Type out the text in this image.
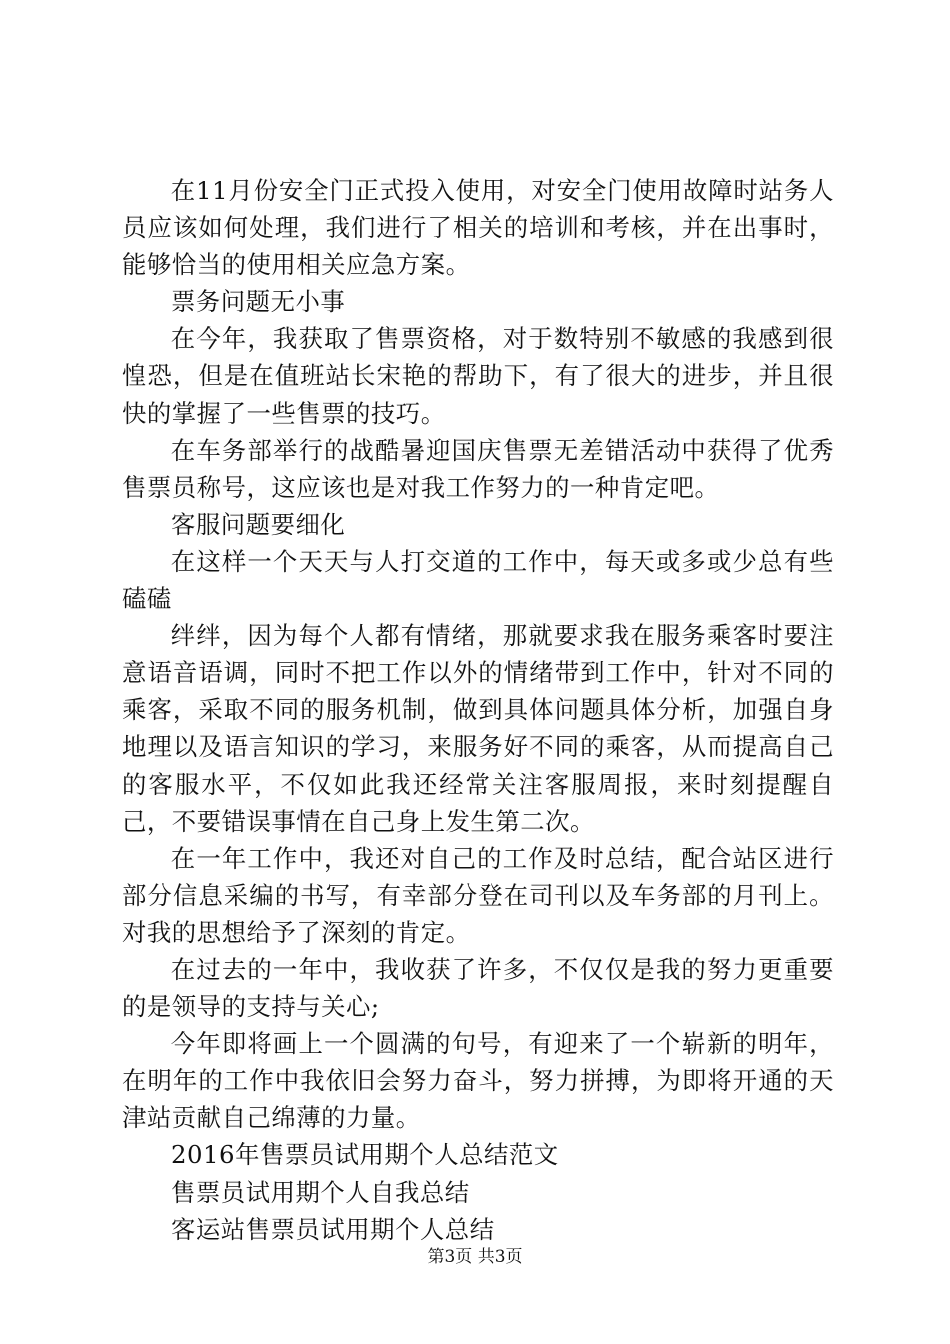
在11月份安全门正式投入使用，对安全门使用故障时站务人员应该如何处理，我们进行了相关的培训和考核，并在出事时，能够恰当的使用相关应急方案。

票务问题无小事

在今年，我获取了售票资格，对于数特别不敏感的我感到很惶恐，但是在值班站长宋艳的帮助下，有了很大的进步，并且很快的掌握了一些售票的技巧。

在车务部举行的战酷暑迎国庆售票无差错活动中获得了优秀售票员称号，这应该也是对我工作努力的一种肯定吧。

客服问题要细化

在这样一个天天与人打交道的工作中，每天或多或少总有些磕磕

绊绊，因为每个人都有情绪，那就要求我在服务乘客时要注意语音语调，同时不把工作以外的情绪带到工作中，针对不同的乘客，采取不同的服务机制，做到具体问题具体分析，加强自身地理以及语言知识的学习，来服务好不同的乘客，从而提高自己的客服水平，不仅如此我还经常关注客服周报，来时刻提醒自己，不要错误事情在自己身上发生第二次。

在一年工作中，我还对自己的工作及时总结，配合站区进行部分信息采编的书写，有幸部分登在司刊以及车务部的月刊上。对我的思想给予了深刻的肯定。

在过去的一年中，我收获了许多，不仅仅是我的努力更重要的是领导的支持与关心;

今年即将画上一个圆满的句号，有迎来了一个崭新的明年，在明年的工作中我依旧会努力奋斗，努力拼搏，为即将开通的天津站贡献自己绵薄的力量。

2016年售票员试用期个人总结范文

售票员试用期个人自我总结

客运站售票员试用期个人总结

第3页 共3页
